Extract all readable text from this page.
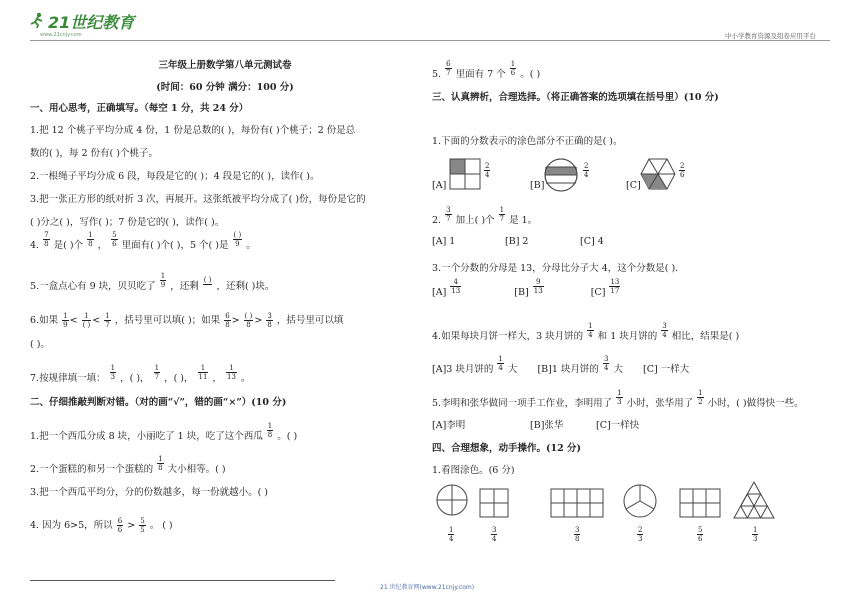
21世纪教育
www.21cnjy.com	中小学教育资源及组卷应用平台
三年级上册数学第八单元测试卷
(时间：60 分钟 满分：100 分)
一、用心思考，正确填写。（每空 1 分，共 24 分）
1.把 12 个桃子平均分成 4 份，1 份是总数的( )，每份有( )个桃子；2 份是总
数的( )，每 2 份有( )个桃子。
2.一根绳子平均分成 6 段，每段是它的( )；4 段是它的( )，读作( )。
3.把一张正方形的纸对折 3 次，再展开。这张纸被平均分成了( )份，每份是它的
( )分之( )，写作( )；7 份是它的( )，读作( )。
4. $\frac{7}{8}$ 是( )个 $\frac{1}{8}$ ， $\frac{5}{6}$ 里面有( )个( )，5 个( )是
( )
9 。
5.一盒点心有 9 块，贝贝吃了 $\frac{1}{9}$ ，还剩
( )
，还剩( )块。
6.如果 $\frac{1}{9} < 1$
( ) < $\frac{1}{7}$ ，括号里可以填( )；如果 $\frac{6}{8}$ > ( )
$8 > \frac{3}{8}$ ，括号里可以填
( )。
7.按规律填一填： $\frac{1}{3}$ ，( )， $\frac{1}{7}$ ，( )， $\frac{1}{11}$ ， $\frac{1}{13}$ 。
二、仔细推敲判断对错。（对的画“√”，错的画“×”）(10 分)
1.把一个西瓜分成 8 块，小丽吃了 1 块，吃了这个西瓜 $\frac{1}{8}$ 。( )
2.一个蛋糕的和另一个蛋糕的 $\frac{1}{8}$ 大小相等。( )
3.把一个西瓜平均分，分的份数越多，每一份就越小。( )
4. 因为 6>5，所以 $\frac{6}{6} > \frac{5}{5}$ 。 ( )
5. $\frac{6}{7}$ 里面有 7 个 $\frac{1}{6}$ 。( )
三、认真辨析，合理选择。（将正确答案的选项填在括号里）(10 分)
1.下面的分数表示的涂色部分不正确的是( )。
[A]
2
4
[B]
2
4
[C]
2
6
2. $\frac{3}{7}$ 加上( )个 $\frac{1}{7}$ 是 1。
[A] 1	[B] 2	[C] 4
3.一个分数的分母是 13，分母比分子大 4，这个分数是( ).
$[A] \frac{4}{13}$	$[B] \frac{9}{13}$	$[C] \frac{13}{17}$
4.如果每块月饼一样大，3 块月饼的 $\frac{1}{4}$ 和 1 块月饼的 $\frac{3}{4}$ 相比，结果是( )
[A]3 块月饼的 $\frac{1}{4}$ 大 [B]1 块月饼的 $\frac{3}{4}$ 大 [C] 一样大
5.李明和张华做同一项手工作业，李明用了 $\frac{1}{3}$ 小时，张华用了 $\frac{1}{2}$ 小时，( )做得快一些。
[A]李明	[B]张华	[C]一样快
四、合理想象，动手操作。(12 分)
1.看图涂色。(6 分)
1
4
3
4
3
8
2
3
5
6
1
3
21 世纪教育网(www.21cnjy.com)
